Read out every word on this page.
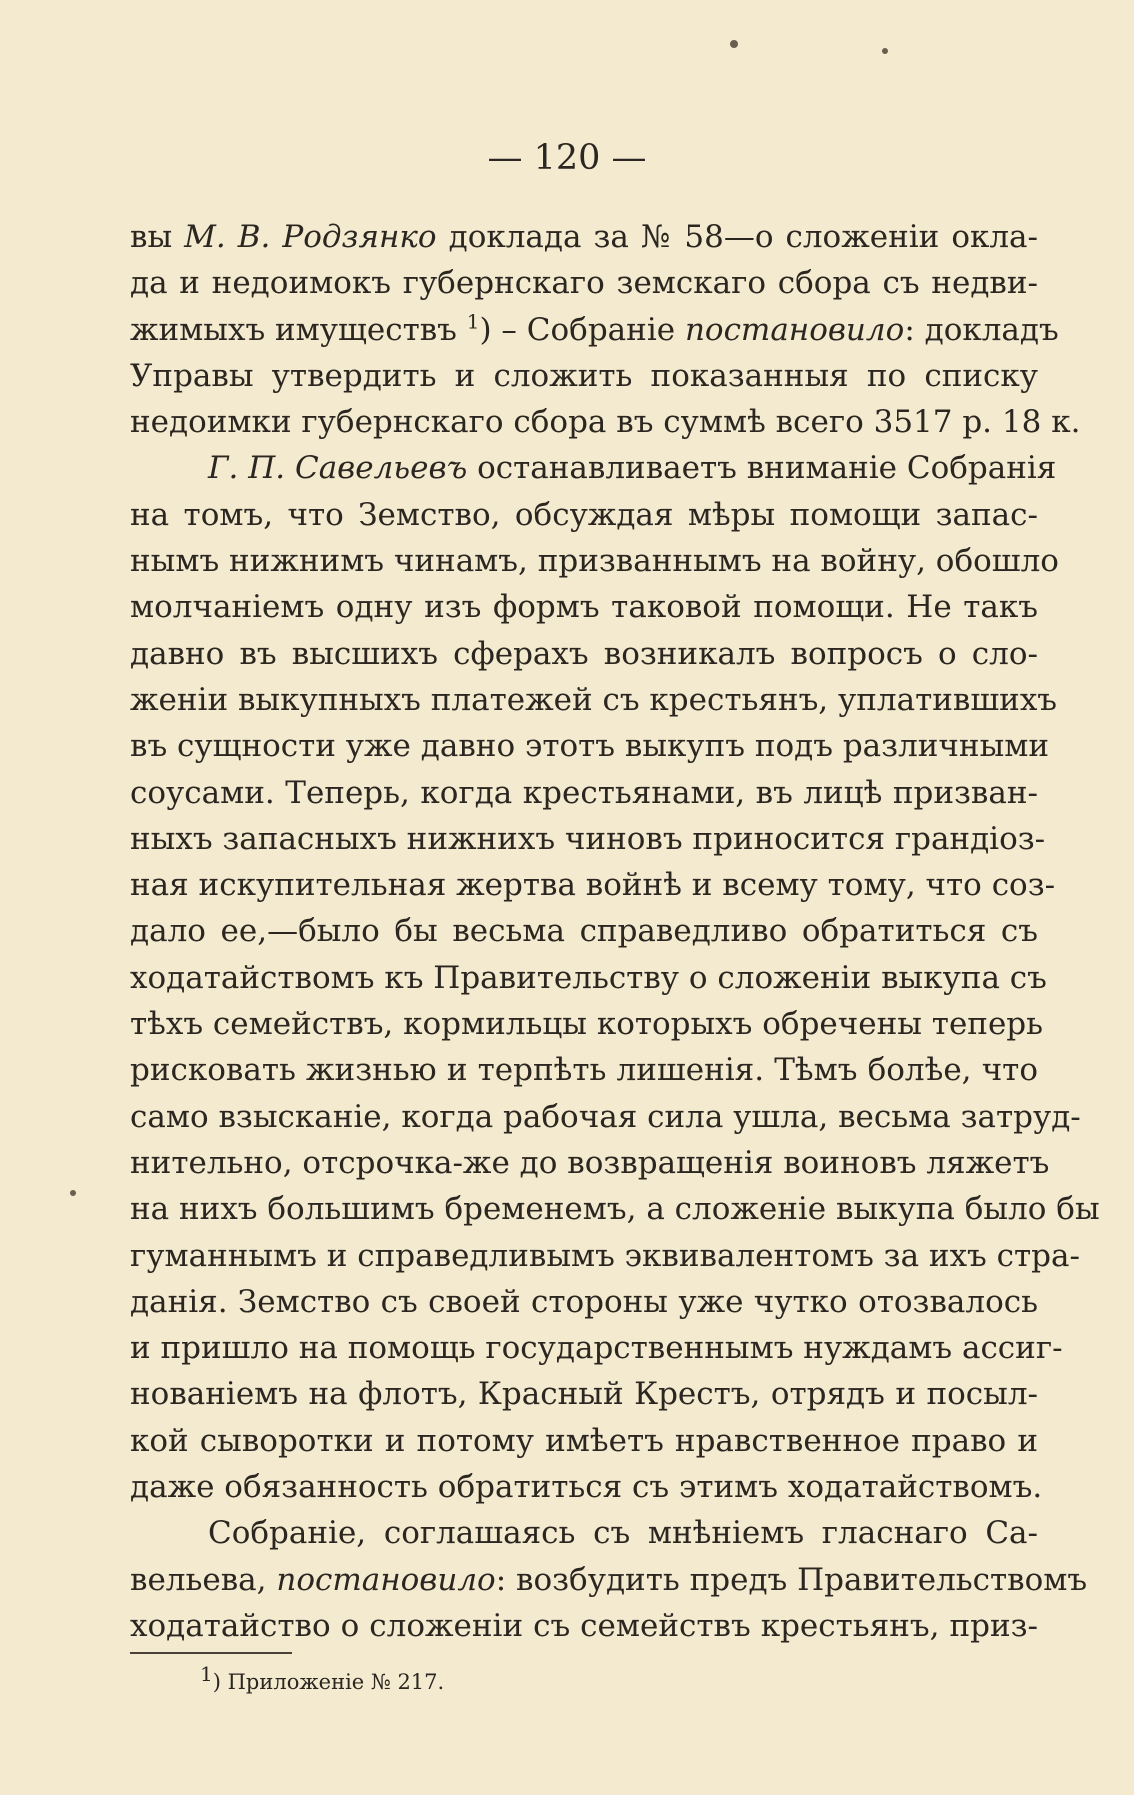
— 120 —
вы М. В. Родзянко доклада за № 58—о сложеніи окла-
да и недоимокъ губернскаго земскаго сбора съ недви-
жимыхъ имуществъ $^1$) – Собраніе постановило: докладъ
Управы утвердить и сложить показанныя по списку
недоимки губернскаго сбора въ суммѣ всего 3517 р. 18 к.
Г. П. Савельевъ останавливаетъ вниманіе Собранія
на томъ, что Земство, обсуждая мѣры помощи запас-
нымъ нижнимъ чинамъ, призваннымъ на войну, обошло
молчаніемъ одну изъ формъ таковой помощи. Не такъ
давно въ высшихъ сферахъ возникалъ вопросъ о сло-
женіи выкупныхъ платежей съ крестьянъ, уплатившихъ
въ сущности уже давно этотъ выкупъ подъ различными
соусами. Теперь, когда крестьянами, въ лицѣ призван-
ныхъ запасныхъ нижнихъ чиновъ приносится грандіоз-
ная искупительная жертва войнѣ и всему тому, что соз-
дало ее,—было бы весьма справедливо обратиться съ
ходатайствомъ къ Правительству о сложеніи выкупа съ
тѣхъ семействъ, кормильцы которыхъ обречены теперь
рисковать жизнью и терпѣть лишенія. Тѣмъ болѣе, что
само взысканіе, когда рабочая сила ушла, весьма затруд-
нительно, отсрочка-же до возвращенія воиновъ ляжетъ
на нихъ большимъ бременемъ, а сложеніе выкупа было бы
гуманнымъ и справедливымъ эквивалентомъ за ихъ стра-
данія. Земство съ своей стороны уже чутко отозвалось
и пришло на помощь государственнымъ нуждамъ ассиг-
нованіемъ на флотъ, Красный Крестъ, отрядъ и посыл-
кой сыворотки и потому имѣетъ нравственное право и
даже обязанность обратиться съ этимъ ходатайствомъ.
Собраніе, соглашаясь съ мнѣніемъ гласнаго Са-
вельева, постановило: возбудить предъ Правительствомъ
ходатайство о сложеніи съ семействъ крестьянъ, приз-
$^1$) Приложеніе № 217.
